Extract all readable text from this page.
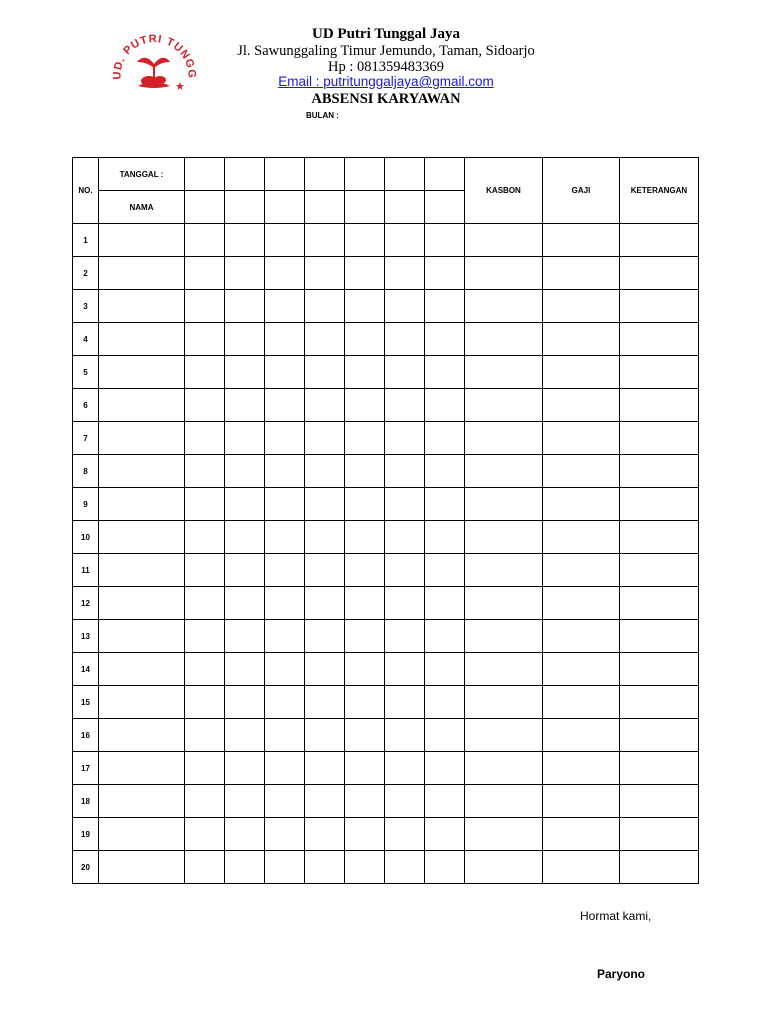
UD. PUTRI TUNGG
★
UD Putri Tunggal Jaya
Jl. Sawunggaling Timur Jemundo, Taman, Sidoarjo
Hp : 081359483369
Email : putritunggaljaya@gmail.com
ABSENSI KARYAWAN
BULAN :
NO.	TANGGAL :								KASBON	GAJI	KETERANGAN
	NAMA										
1											
2											
3											
4											
5											
6											
7											
8											
9											
10											
11											
12											
13											
14											
15											
16											
17											
18											
19											
20											
Hormat kami,
Paryono
